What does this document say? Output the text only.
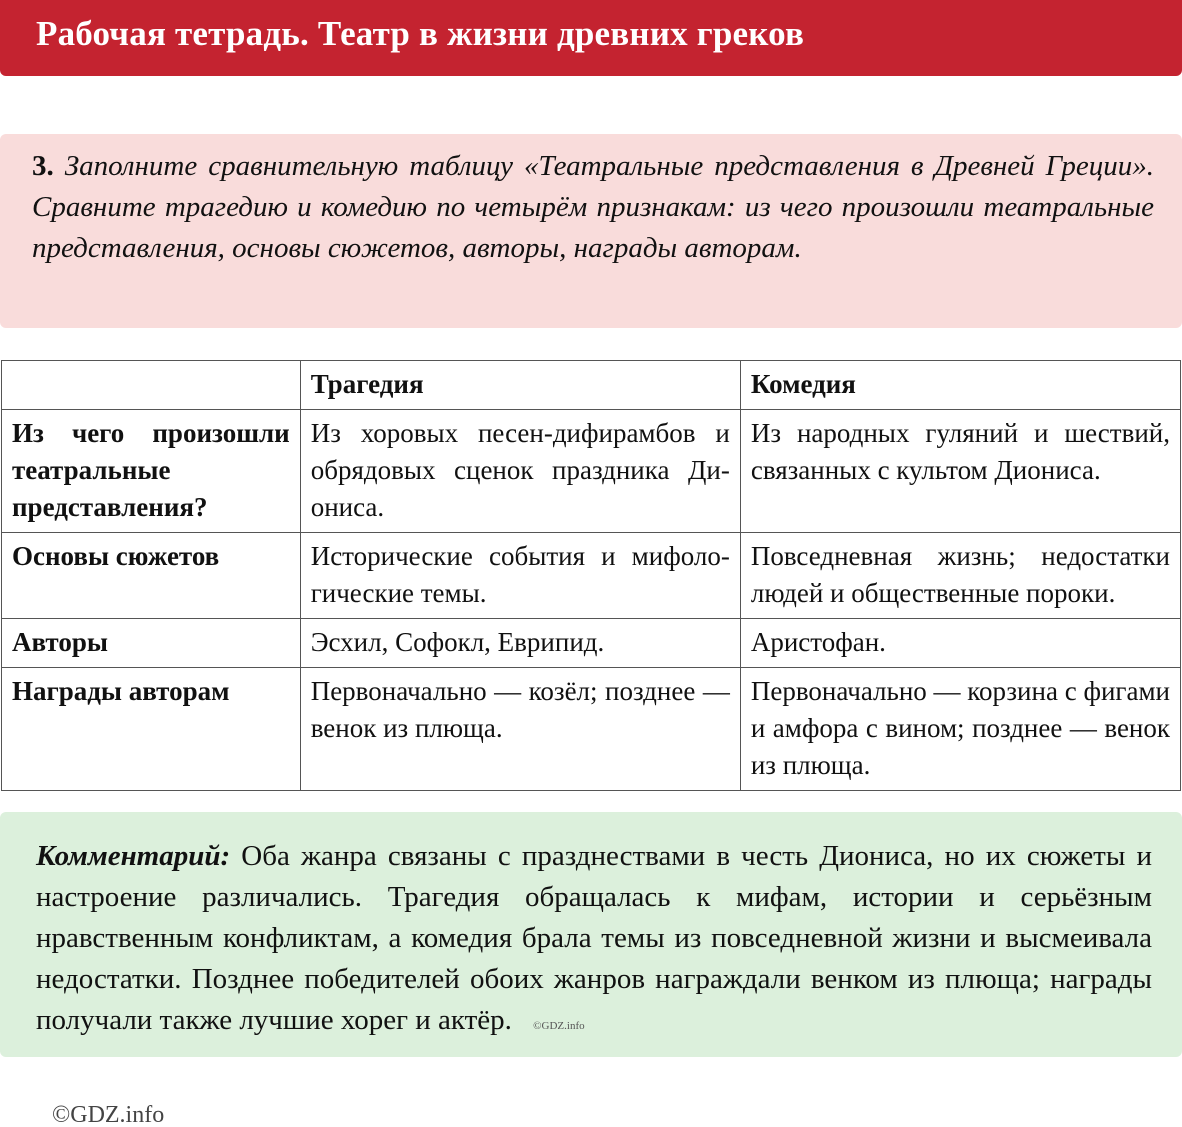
Рабочая тетрадь. Театр в жизни древних греков
3. Заполните сравнительную таблицу «Театральные представления в Древней Греции». Сравните трагедию и комедию по четырём признакам: из чего произошли театральные представления, основы сюжетов, авторы, награды авторам.
	Трагедия	Комедия
Из чего произошли театральные представления?	Из хоровых песен-дифирамбов и обрядовых сценок праздника Диониса.	Из народных гуляний и шествий, связанных с культом Диониса.
Основы сюжетов	Исторические события и мифологические темы.	Повседневная жизнь; недостатки людей и общественные пороки.
Авторы	Эсхил, Софокл, Еврипид.	Аристофан.
Награды авторам	Первоначально — козёл; позднее — венок из плюща.	Первоначально — корзина с фигами и амфора с вином; позднее — венок из плюща.
Комментарий: Оба жанра связаны с празднествами в честь Диониса, но их сюжеты и настроение различались. Трагедия обращалась к мифам, истории и серьёзным нравственным конфликтам, а комедия брала темы из повседневной жизни и высмеивала недостатки. Позднее победителей обоих жанров награждали венком из плюща; награды получали также лучшие хорег и актёр. ©GDZ.info
©GDZ.info
